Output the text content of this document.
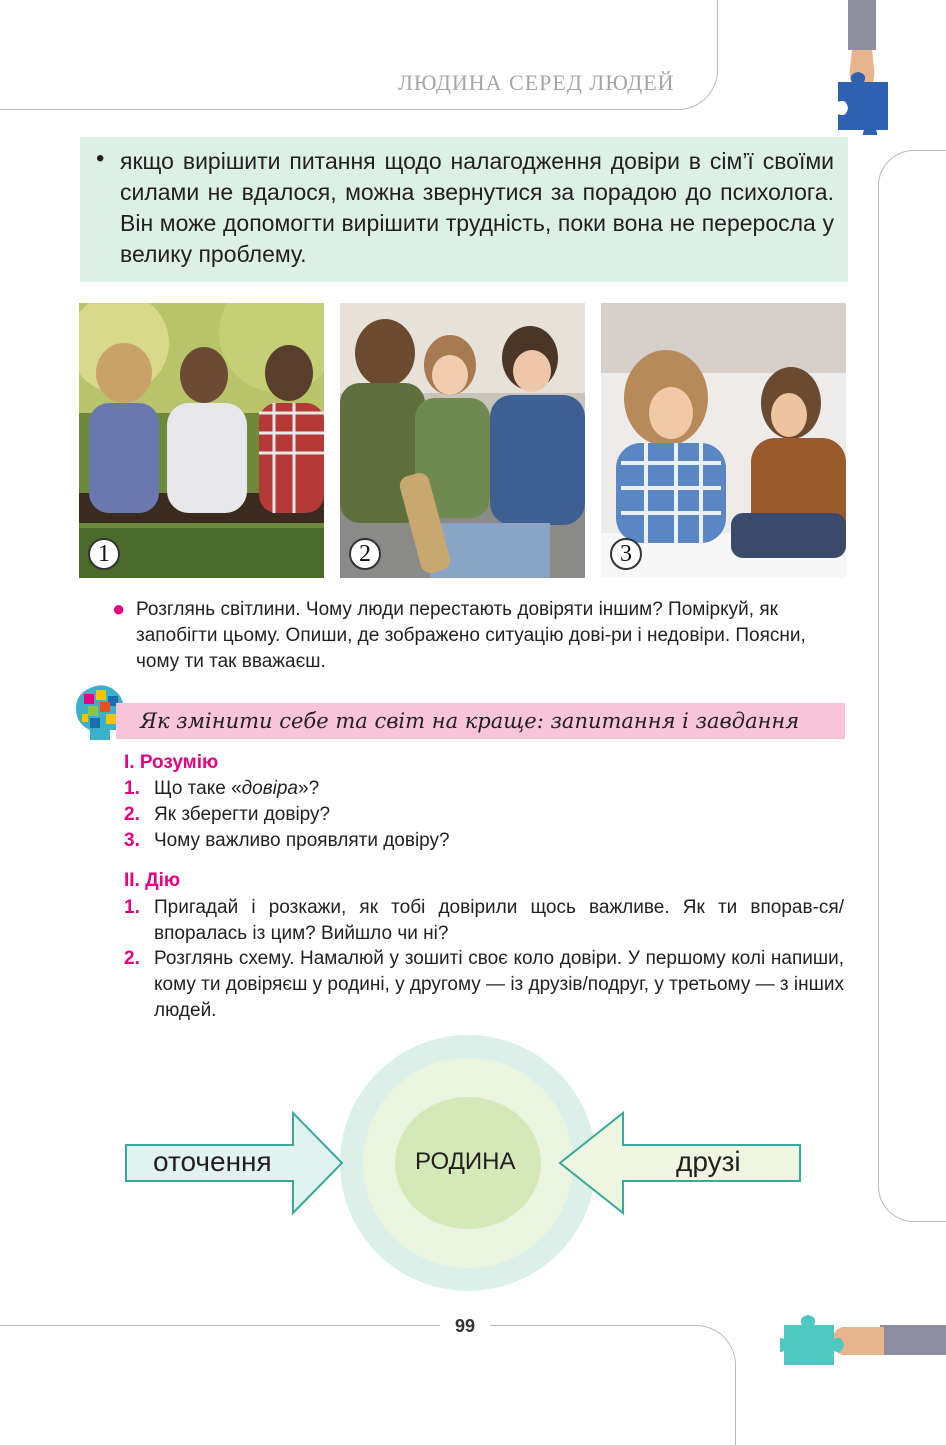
ЛЮДИНА СЕРЕД ЛЮДЕЙ
• якщо вирішити питання щодо налагодження довіри в сім’ї своїми силами не вдалося, можна звернутися за порадою до психолога. Він може допомогти вирішити трудність, поки вона не переросла у велику проблему.
1	2	3
● Розглянь світлини. Чому люди перестають довіряти іншим? Поміркуй, як запобігти цьому. Опиши, де зображено ситуацію дові-ри і недовіри. Поясни, чому ти так вважаєш.
Як змінити себе та світ на краще: запитання і завдання
І. Розумію
1. Що таке «довіра»?
2. Як зберегти довіру?
3. Чому важливо проявляти довіру?
ІІ. Дію
1. Пригадай і розкажи, як тобі довірили щось важливе. Як ти впорав-ся/впоралась із цим? Вийшло чи ні?
2. Розглянь схему. Намалюй у зошиті своє коло довіри. У першому колі напиши, кому ти довіряєш у родині, у другому — із друзів/подруг, у третьому — з інших людей.
оточення	РОДИНА	друзі
99
